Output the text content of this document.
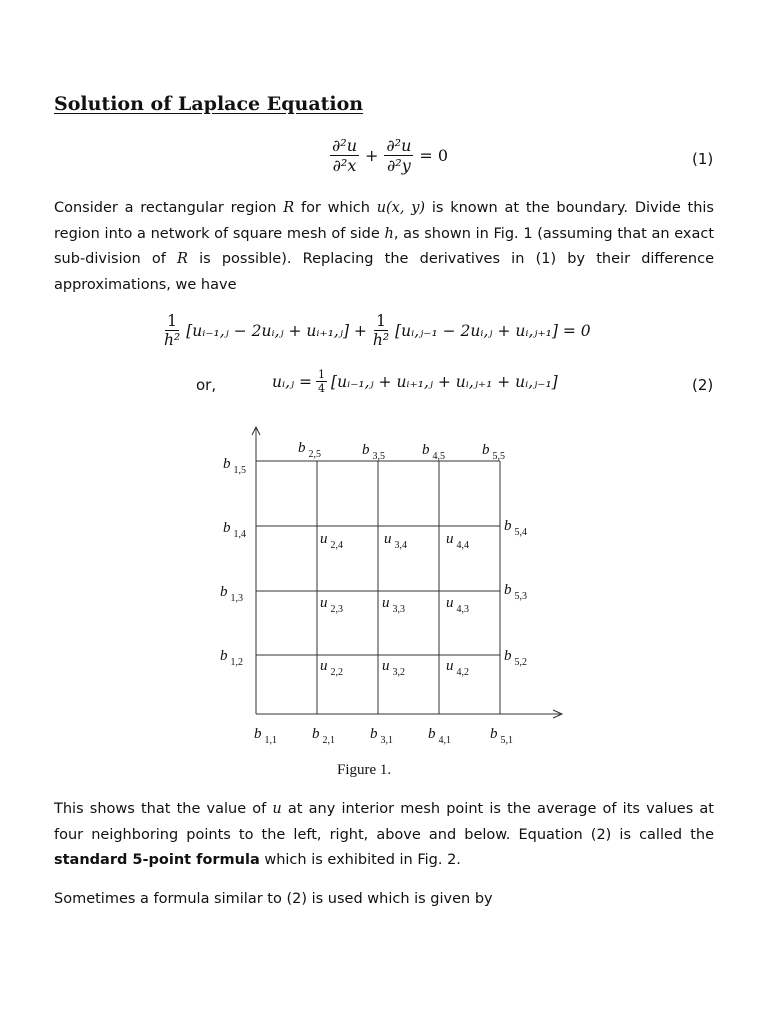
Solution of Laplace Equation
$\frac{\text{∂²u}}{\text{∂²x}} + \frac{\text{∂²u}}{\text{∂²y}} = 0$	(1)

Consider a rectangular region R for which u(x, y) is known at the boundary. Divide this region into a network of square mesh of side h, as shown in Fig. 1 (assuming that an exact sub-division of R is possible). Replacing the derivatives in (1) by their difference approximations, we have

$\frac{1}{\text{h²}}$ [uᵢ₋₁,ⱼ − 2uᵢ,ⱼ + uᵢ₊₁,ⱼ] + $\frac{1}{\text{h²}}$ [uᵢ,ⱼ₋₁ − 2uᵢ,ⱼ + uᵢ,ⱼ₊₁] = 0
or,	uᵢ,ⱼ = $\frac{1}{4}$ [uᵢ₋₁,ⱼ + uᵢ₊₁,ⱼ + uᵢ,ⱼ₊₁ + uᵢ,ⱼ₋₁]	(2)
b $_{2,5}$	b $_{3,5}$ b $_{4,5}$ b $_{5,5}$
b $_{1,5}$
b $_{1,4}$
b $_{1,3}$
b $_{1,2}$
b $_{5,4}$
b $_{5,3}$
b $_{5,2}$
b $_{1,1}$ b $_{2,1}$ b $_{3,1}$ b $_{4,1}$	b $_{5,1}$
u $_{2,4}$	u $_{3,4}$	u $_{4,4}$
u $_{2,3}$	u $_{3,3}$	u $_{4,3}$
u $_{2,2}$	u $_{3,2}$	u $_{4,2}$
Figure 1.

This shows that the value of u at any interior mesh point is the average of its values at four neighboring points to the left, right, above and below. Equation (2) is called the standard 5-point formula which is exhibited in Fig. 2.

Sometimes a formula similar to (2) is used which is given by
